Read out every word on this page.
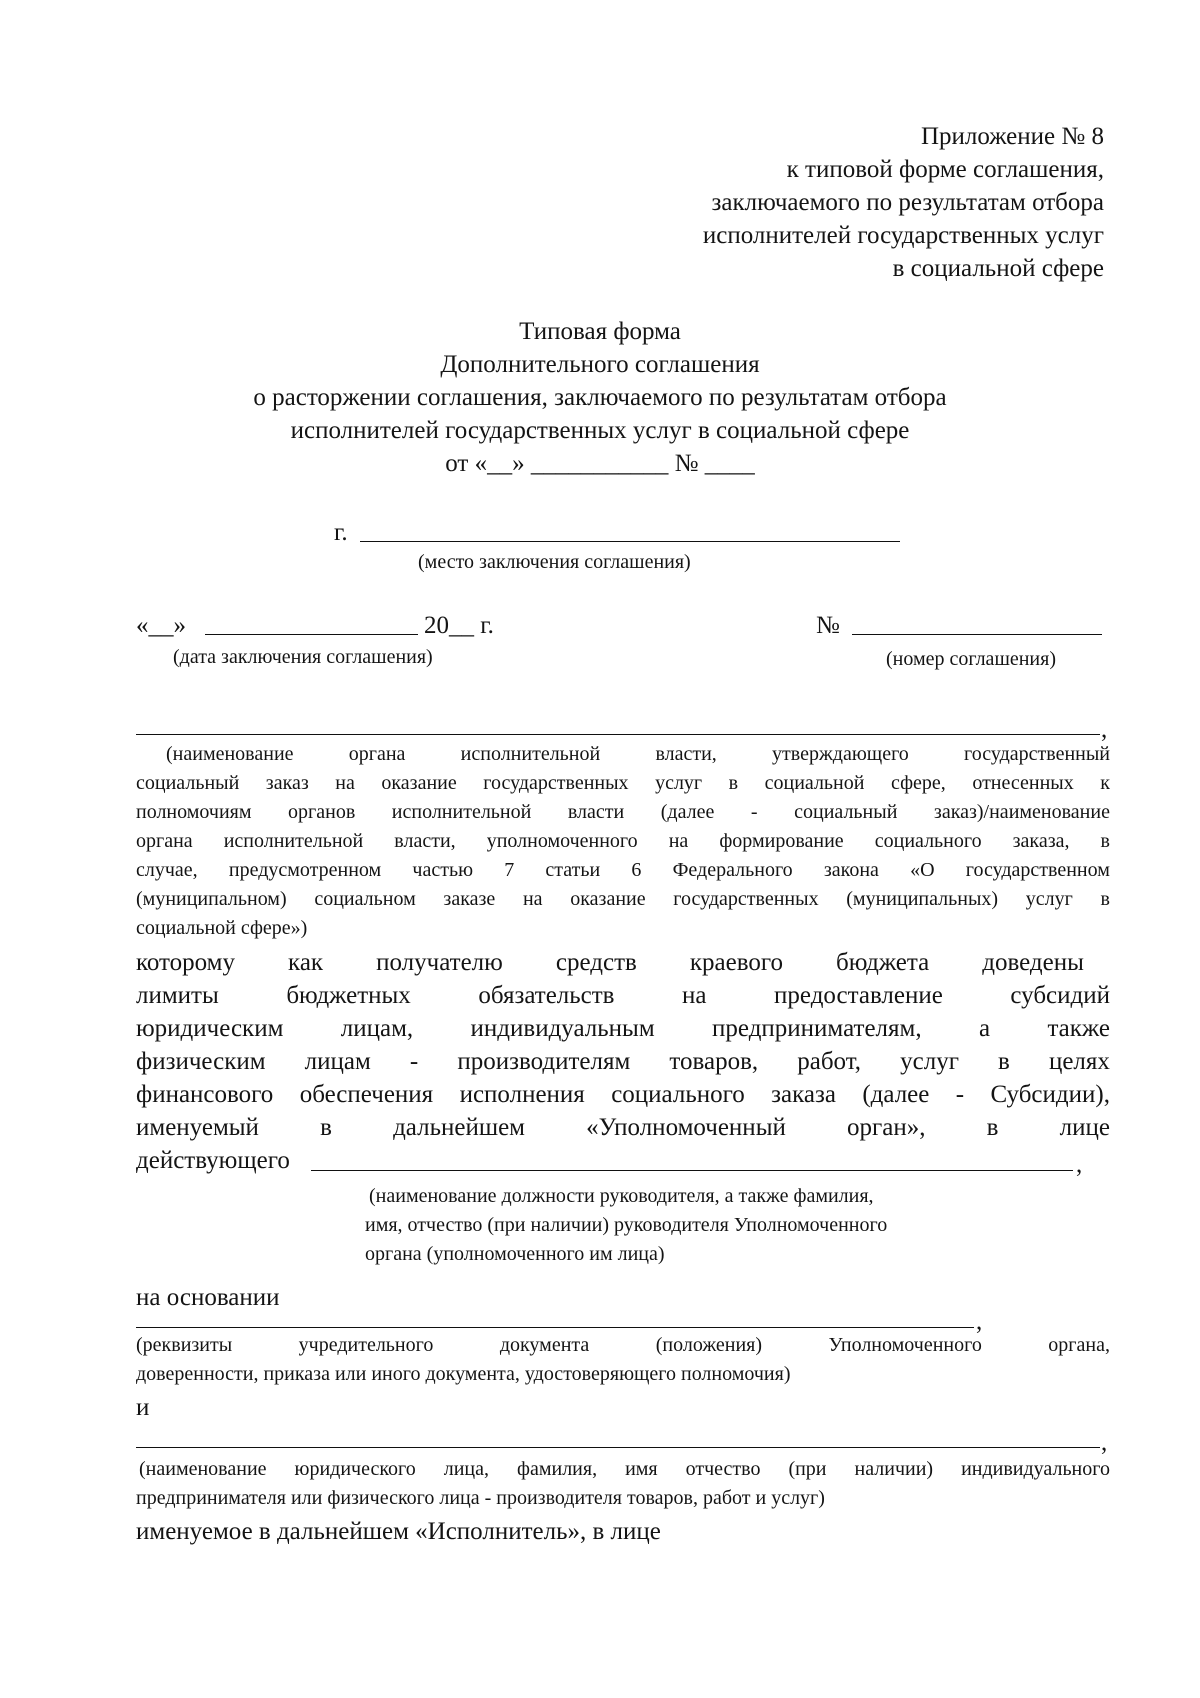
Приложение № 8
к типовой форме соглашения,
заключаемого по результатам отбора
исполнителей государственных услуг
в социальной сфере
Типовая форма
Дополнительного соглашения
о расторжении соглашения, заключаемого по результатам отбора
исполнителей государственных услуг в социальной сфере
от «__» ___________ № ____
г.
(место заключения соглашения)
«__»	20__ г.
(дата заключения соглашения)
№
(номер соглашения)
,
(наименование	органа	исполнительной	власти,	утверждающего	государственный
социальный заказ на оказание государственных услуг в социальной сфере, отнесенных к
полномочиям органов исполнительной власти (далее - социальный заказ)/наименование
органа исполнительной власти, уполномоченного на формирование социального заказа, в
случае, предусмотренном частью 7 статьи 6 Федерального закона «О государственном
(муниципальном) социальном заказе на оказание государственных (муниципальных) услуг в
социальной сфере»)
которому как получателю средств краевого бюджета доведены
лимиты	бюджетных	обязательств	на	предоставление	субсидий
юридическим лицам, индивидуальным предпринимателям, а также
физическим лицам - производителям товаров, работ, услуг в целях
финансового обеспечения исполнения социального заказа (далее - Субсидии),
именуемый в дальнейшем «Уполномоченный орган», в лице
действующего	,
(наименование должности руководителя, а также фамилия,
имя, отчество (при наличии) руководителя Уполномоченного
органа (уполномоченного им лица)
на основании
,
(реквизиты	учредительного	документа	(положения)	Уполномоченного	органа,
доверенности, приказа или иного документа, удостоверяющего полномочия)
и
,
(наименование юридического лица, фамилия, имя отчество (при наличии) индивидуального
предпринимателя или физического лица - производителя товаров, работ и услуг)
именуемое в дальнейшем «Исполнитель», в лице
